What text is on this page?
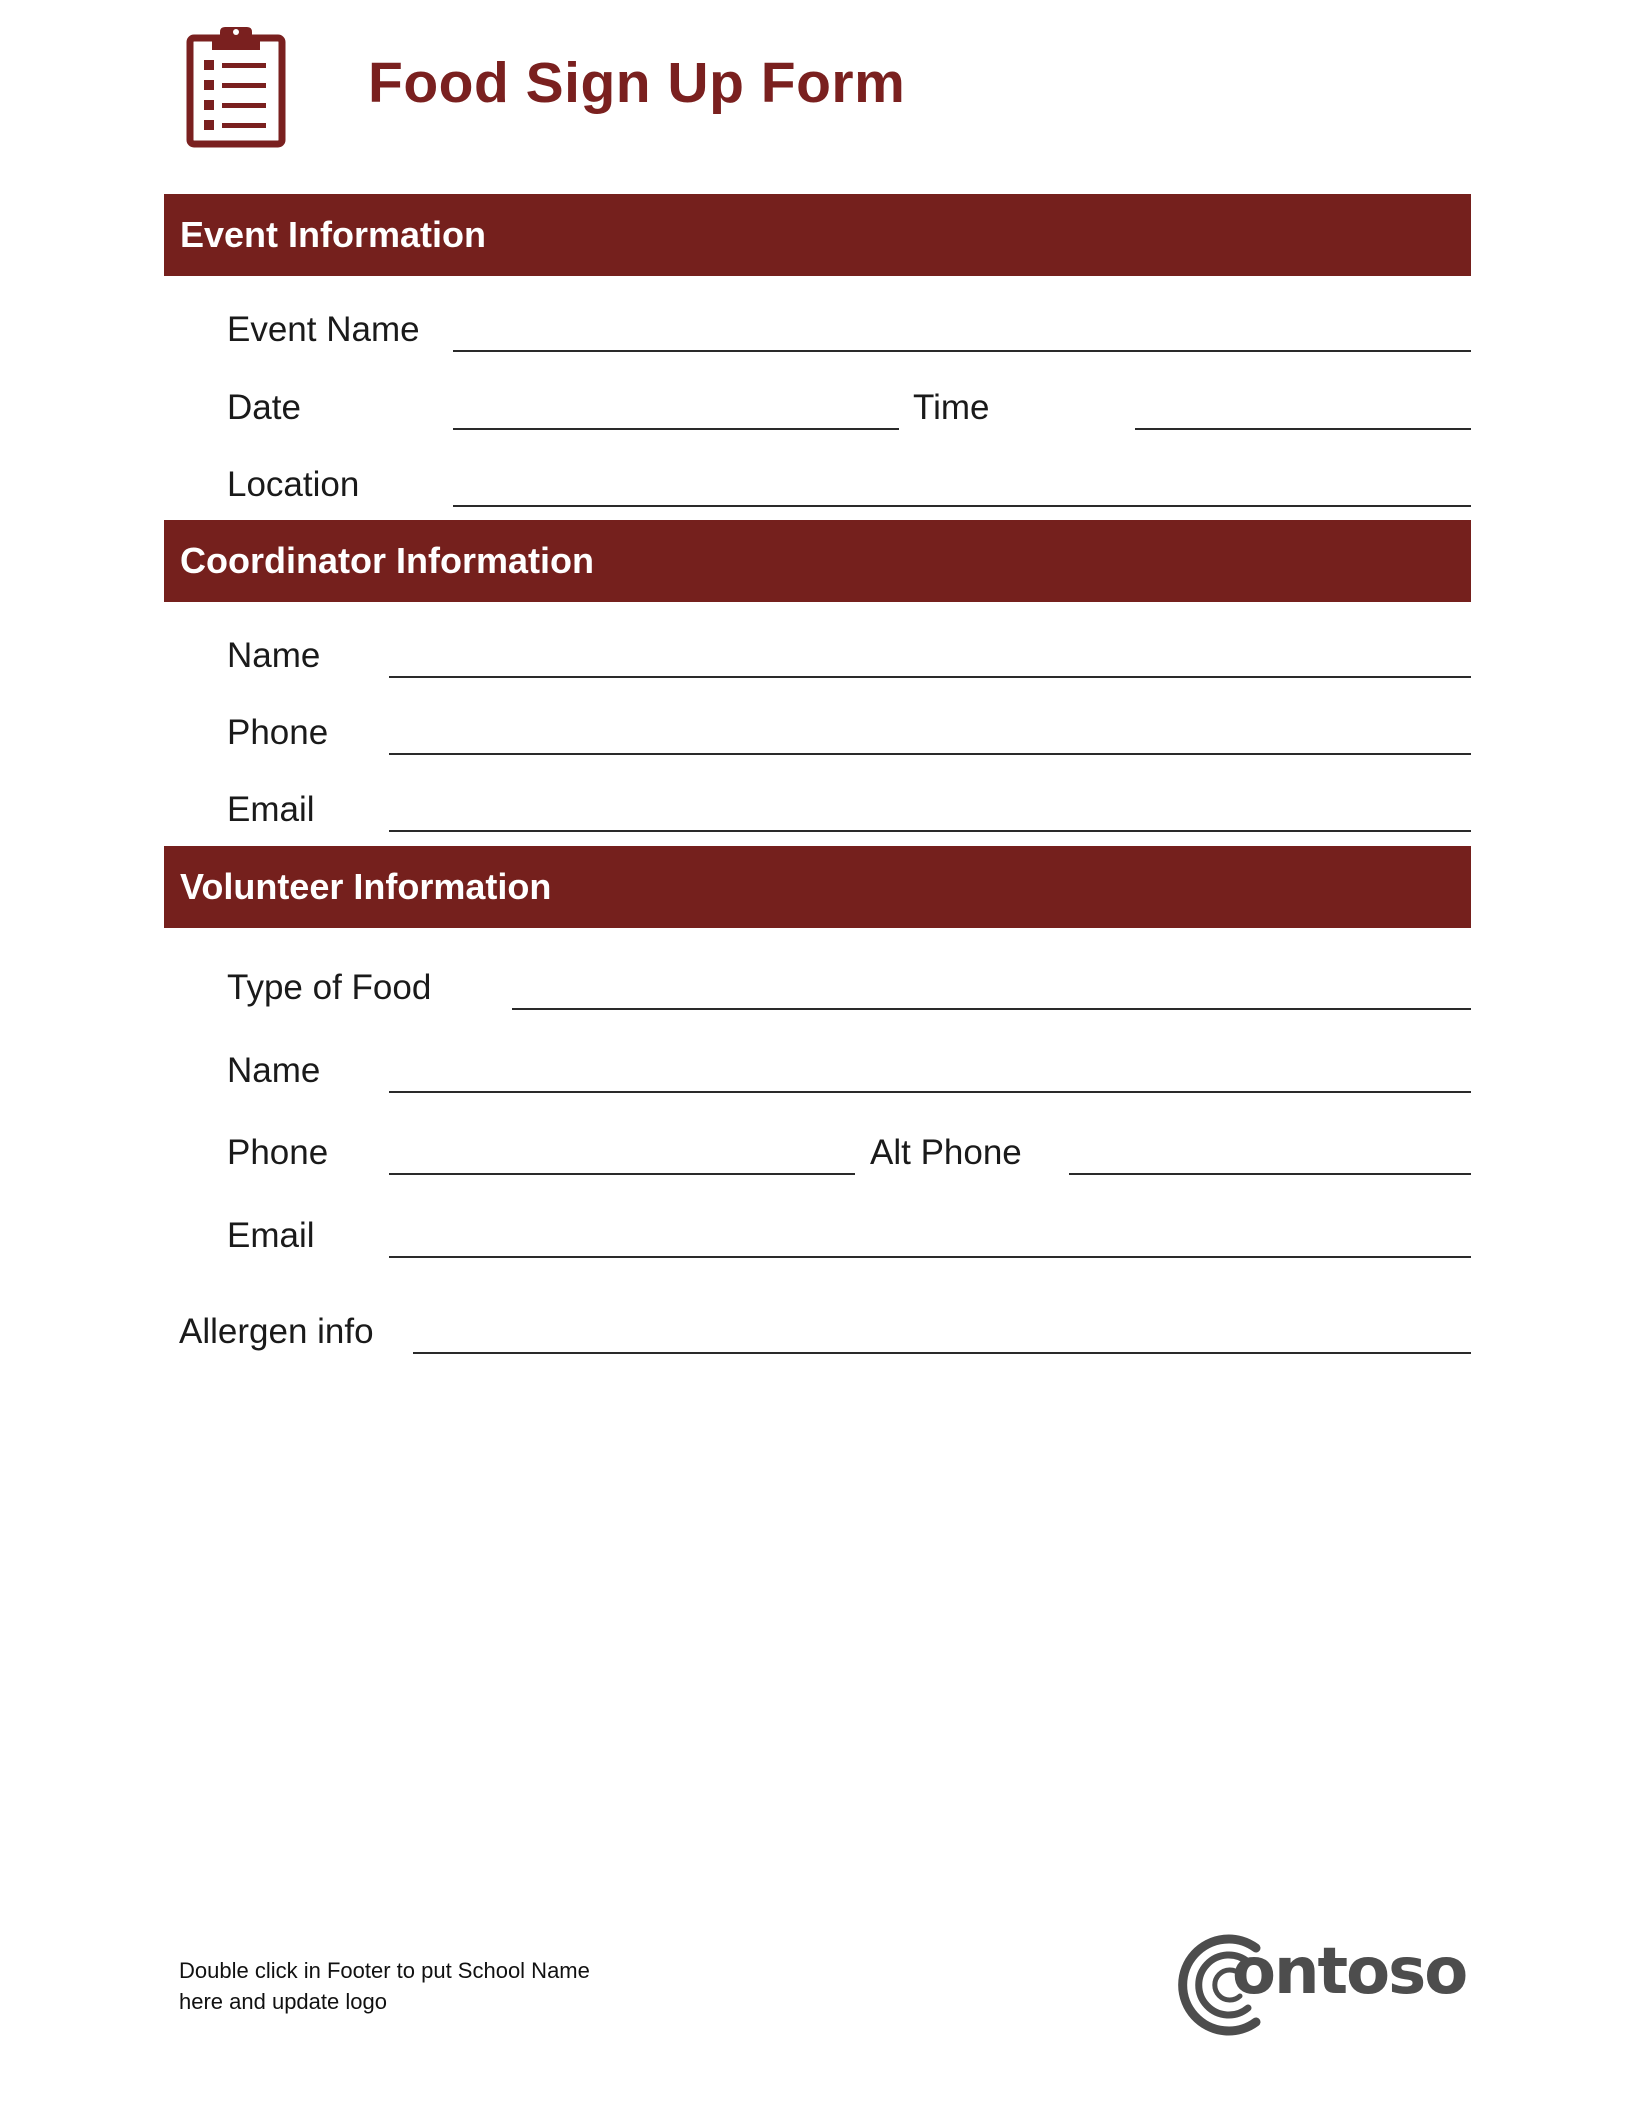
Food Sign Up Form
Event Information
Event Name
Date	Time
Location
Coordinator Information
Name
Phone
Email
Volunteer Information
Type of Food
Name
Phone	Alt Phone
Email
Allergen info
Double click in Footer to put School Name
here and update logo	ontoso
